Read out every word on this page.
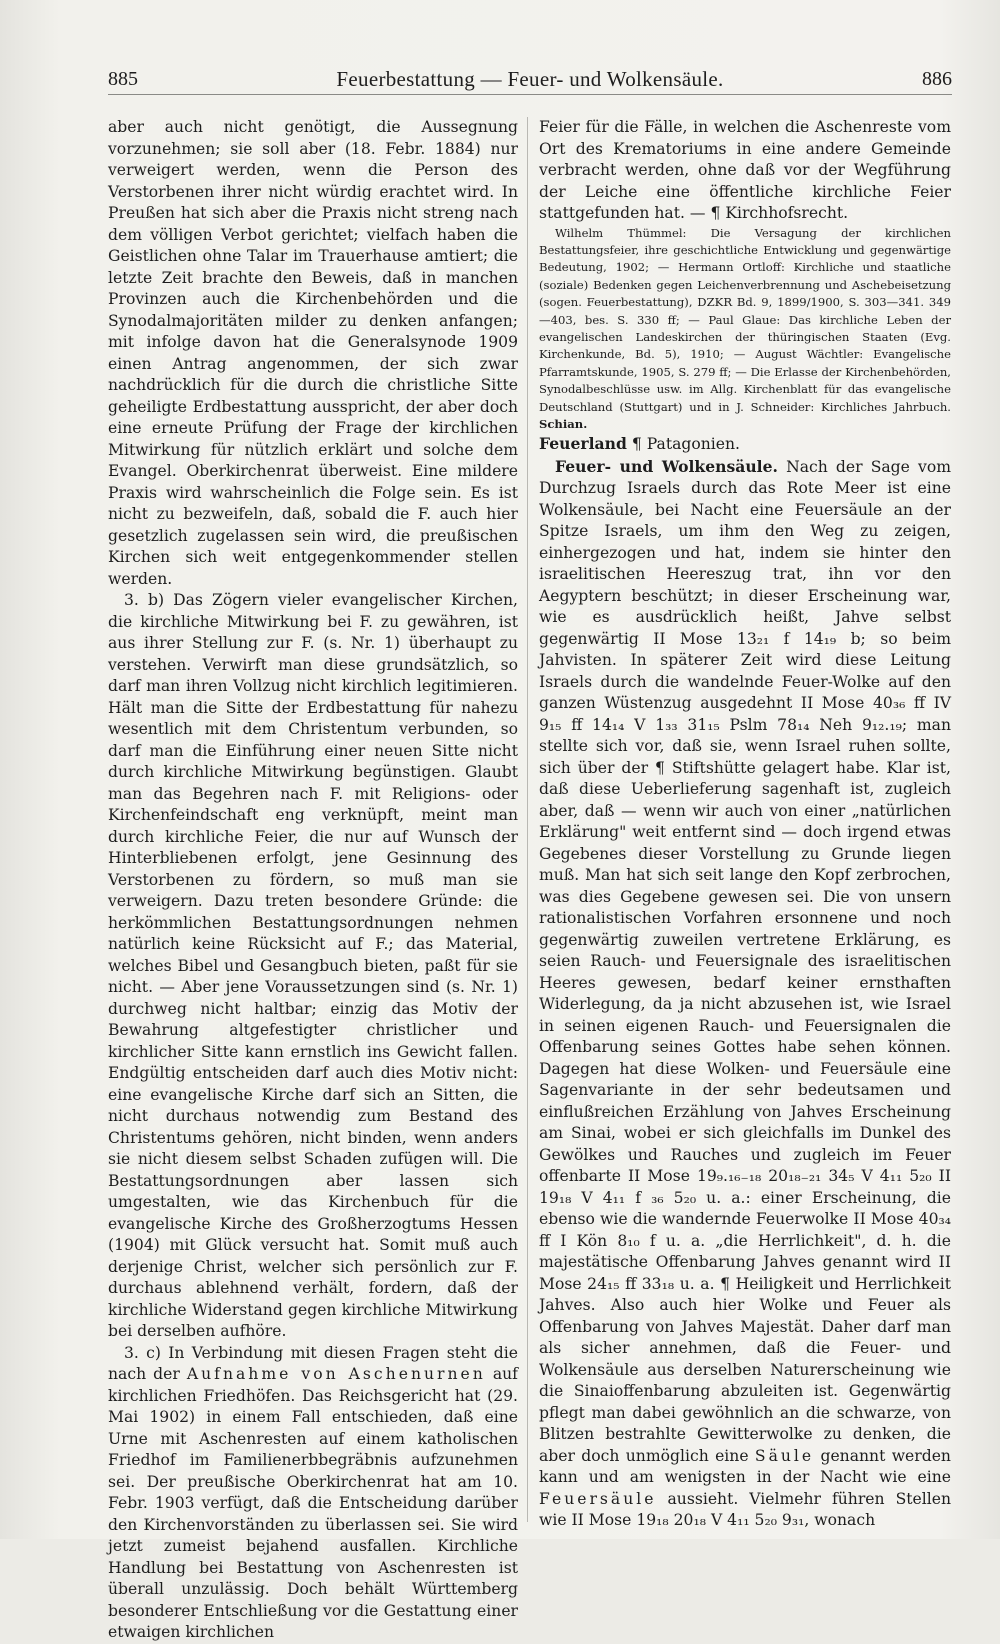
885	Feuerbestattung — Feuer- und Wolkensäule.	886

aber auch nicht genötigt, die Aussegnung vorzunehmen; sie soll aber (18. Febr. 1884) nur verweigert werden, wenn die Person des Verstorbenen ihrer nicht würdig erachtet wird. In Preußen hat sich aber die Praxis nicht streng nach dem völligen Verbot gerichtet; vielfach haben die Geistlichen ohne Talar im Trauerhause amtiert; die letzte Zeit brachte den Beweis, daß in manchen Provinzen auch die Kirchenbehörden und die Synodalmajoritäten milder zu denken anfangen; mit infolge davon hat die Generalsynode 1909 einen Antrag angenommen, der sich zwar nachdrücklich für die durch die christliche Sitte geheiligte Erdbestattung ausspricht, der aber doch eine erneute Prüfung der Frage der kirchlichen Mitwirkung für nützlich erklärt und solche dem Evangel. Oberkirchenrat überweist. Eine mildere Praxis wird wahrscheinlich die Folge sein. Es ist nicht zu bezweifeln, daß, sobald die F. auch hier gesetzlich zugelassen sein wird, die preußischen Kirchen sich weit entgegenkommender stellen werden.

3. b) Das Zögern vieler evangelischer Kirchen, die kirchliche Mitwirkung bei F. zu gewähren, ist aus ihrer Stellung zur F. (s. Nr. 1) überhaupt zu verstehen. Verwirft man diese grundsätzlich, so darf man ihren Vollzug nicht kirchlich legitimieren. Hält man die Sitte der Erdbestattung für nahezu wesentlich mit dem Christentum verbunden, so darf man die Einführung einer neuen Sitte nicht durch kirchliche Mitwirkung begünstigen. Glaubt man das Begehren nach F. mit Religions- oder Kirchenfeindschaft eng verknüpft, meint man durch kirchliche Feier, die nur auf Wunsch der Hinterbliebenen erfolgt, jene Gesinnung des Verstorbenen zu fördern, so muß man sie verweigern. Dazu treten besondere Gründe: die herkömmlichen Bestattungsordnungen nehmen natürlich keine Rücksicht auf F.; das Material, welches Bibel und Gesangbuch bieten, paßt für sie nicht. — Aber jene Voraussetzungen sind (s. Nr. 1) durchweg nicht haltbar; einzig das Motiv der Bewahrung altgefestigter christlicher und kirchlicher Sitte kann ernstlich ins Gewicht fallen. Endgültig entscheiden darf auch dies Motiv nicht: eine evangelische Kirche darf sich an Sitten, die nicht durchaus notwendig zum Bestand des Christentums gehören, nicht binden, wenn anders sie nicht diesem selbst Schaden zufügen will. Die Bestattungsordnungen aber lassen sich umgestalten, wie das Kirchenbuch für die evangelische Kirche des Großherzogtums Hessen (1904) mit Glück versucht hat. Somit muß auch derjenige Christ, welcher sich persönlich zur F. durchaus ablehnend verhält, fordern, daß der kirchliche Widerstand gegen kirchliche Mitwirkung bei derselben aufhöre.

3. c) In Verbindung mit diesen Fragen steht die nach der Aufnahme von Aschenurnen auf kirchlichen Friedhöfen. Das Reichsgericht hat (29. Mai 1902) in einem Fall entschieden, daß eine Urne mit Aschenresten auf einem katholischen Friedhof im Familienerbbegräbnis aufzunehmen sei. Der preußische Oberkirchenrat hat am 10. Febr. 1903 verfügt, daß die Entscheidung darüber den Kirchenvorständen zu überlassen sei. Sie wird jetzt zumeist bejahend ausfallen. Kirchliche Handlung bei Bestattung von Aschenresten ist überall unzulässig. Doch behält Württemberg besonderer Entschließung vor die Gestattung einer etwaigen kirchlichen

Feier für die Fälle, in welchen die Aschenreste vom Ort des Krematoriums in eine andere Gemeinde verbracht werden, ohne daß vor der Wegführung der Leiche eine öffentliche kirchliche Feier stattgefunden hat. — ¶ Kirchhofsrecht.

Wilhelm Thümmel: Die Versagung der kirchlichen Bestattungsfeier, ihre geschichtliche Entwicklung und gegenwärtige Bedeutung, 1902; — Hermann Ortloff: Kirchliche und staatliche (soziale) Bedenken gegen Leichenverbrennung und Aschebeisetzung (sogen. Feuerbestattung), DZKR Bd. 9, 1899/1900, S. 303—341. 349—403, bes. S. 330 ff; — Paul Glaue: Das kirchliche Leben der evangelischen Landeskirchen der thüringischen Staaten (Evg. Kirchenkunde, Bd. 5), 1910; — August Wächtler: Evangelische Pfarramtskunde, 1905, S. 279 ff; — Die Erlasse der Kirchenbehörden, Synodalbeschlüsse usw. im Allg. Kirchenblatt für das evangelische Deutschland (Stuttgart) und in J. Schneider: Kirchliches Jahrbuch. Schian.

Feuerland ¶ Patagonien.

Feuer- und Wolkensäule. Nach der Sage vom Durchzug Israels durch das Rote Meer ist eine Wolkensäule, bei Nacht eine Feuersäule an der Spitze Israels, um ihm den Weg zu zeigen, einhergezogen und hat, indem sie hinter den israelitischen Heereszug trat, ihn vor den Aegyptern beschützt; in dieser Erscheinung war, wie es ausdrücklich heißt, Jahve selbst gegenwärtig II Mose 13₂₁ f 14₁₉ b; so beim Jahvisten. In späterer Zeit wird diese Leitung Israels durch die wandelnde Feuer-Wolke auf den ganzen Wüstenzug ausgedehnt II Mose 40₃₆ ff IV 9₁₅ ff 14₁₄ V 1₃₃ 31₁₅ Pslm 78₁₄ Neh 9₁₂.₁₉; man stellte sich vor, daß sie, wenn Israel ruhen sollte, sich über der ¶ Stiftshütte gelagert habe. Klar ist, daß diese Ueberlieferung sagenhaft ist, zugleich aber, daß — wenn wir auch von einer „natürlichen Erklärung" weit entfernt sind — doch irgend etwas Gegebenes dieser Vorstellung zu Grunde liegen muß. Man hat sich seit lange den Kopf zerbrochen, was dies Gegebene gewesen sei. Die von unsern rationalistischen Vorfahren ersonnene und noch gegenwärtig zuweilen vertretene Erklärung, es seien Rauch- und Feuersignale des israelitischen Heeres gewesen, bedarf keiner ernsthaften Widerlegung, da ja nicht abzusehen ist, wie Israel in seinen eigenen Rauch- und Feuersignalen die Offenbarung seines Gottes habe sehen können. Dagegen hat diese Wolken- und Feuersäule eine Sagenvariante in der sehr bedeutsamen und einflußreichen Erzählung von Jahves Erscheinung am Sinai, wobei er sich gleichfalls im Dunkel des Gewölkes und Rauches und zugleich im Feuer offenbarte II Mose 19₉.₁₆₋₁₈ 20₁₈₋₂₁ 34₅ V 4₁₁ 5₂₀ II 19₁₈ V 4₁₁ f ₃₆ 5₂₀ u. a.: einer Erscheinung, die ebenso wie die wandernde Feuerwolke II Mose 40₃₄ ff I Kön 8₁₀ f u. a. „die Herrlichkeit", d. h. die majestätische Offenbarung Jahves genannt wird II Mose 24₁₅ ff 33₁₈ u. a. ¶ Heiligkeit und Herrlichkeit Jahves. Also auch hier Wolke und Feuer als Offenbarung von Jahves Majestät. Daher darf man als sicher annehmen, daß die Feuer- und Wolkensäule aus derselben Naturerscheinung wie die Sinaioffenbarung abzuleiten ist. Gegenwärtig pflegt man dabei gewöhnlich an die schwarze, von Blitzen bestrahlte Gewitterwolke zu denken, die aber doch unmöglich eine Säule genannt werden kann und am wenigsten in der Nacht wie eine Feuersäule aussieht. Vielmehr führen Stellen wie II Mose 19₁₈ 20₁₈ V 4₁₁ 5₂₀ 9₃₁, wonach
